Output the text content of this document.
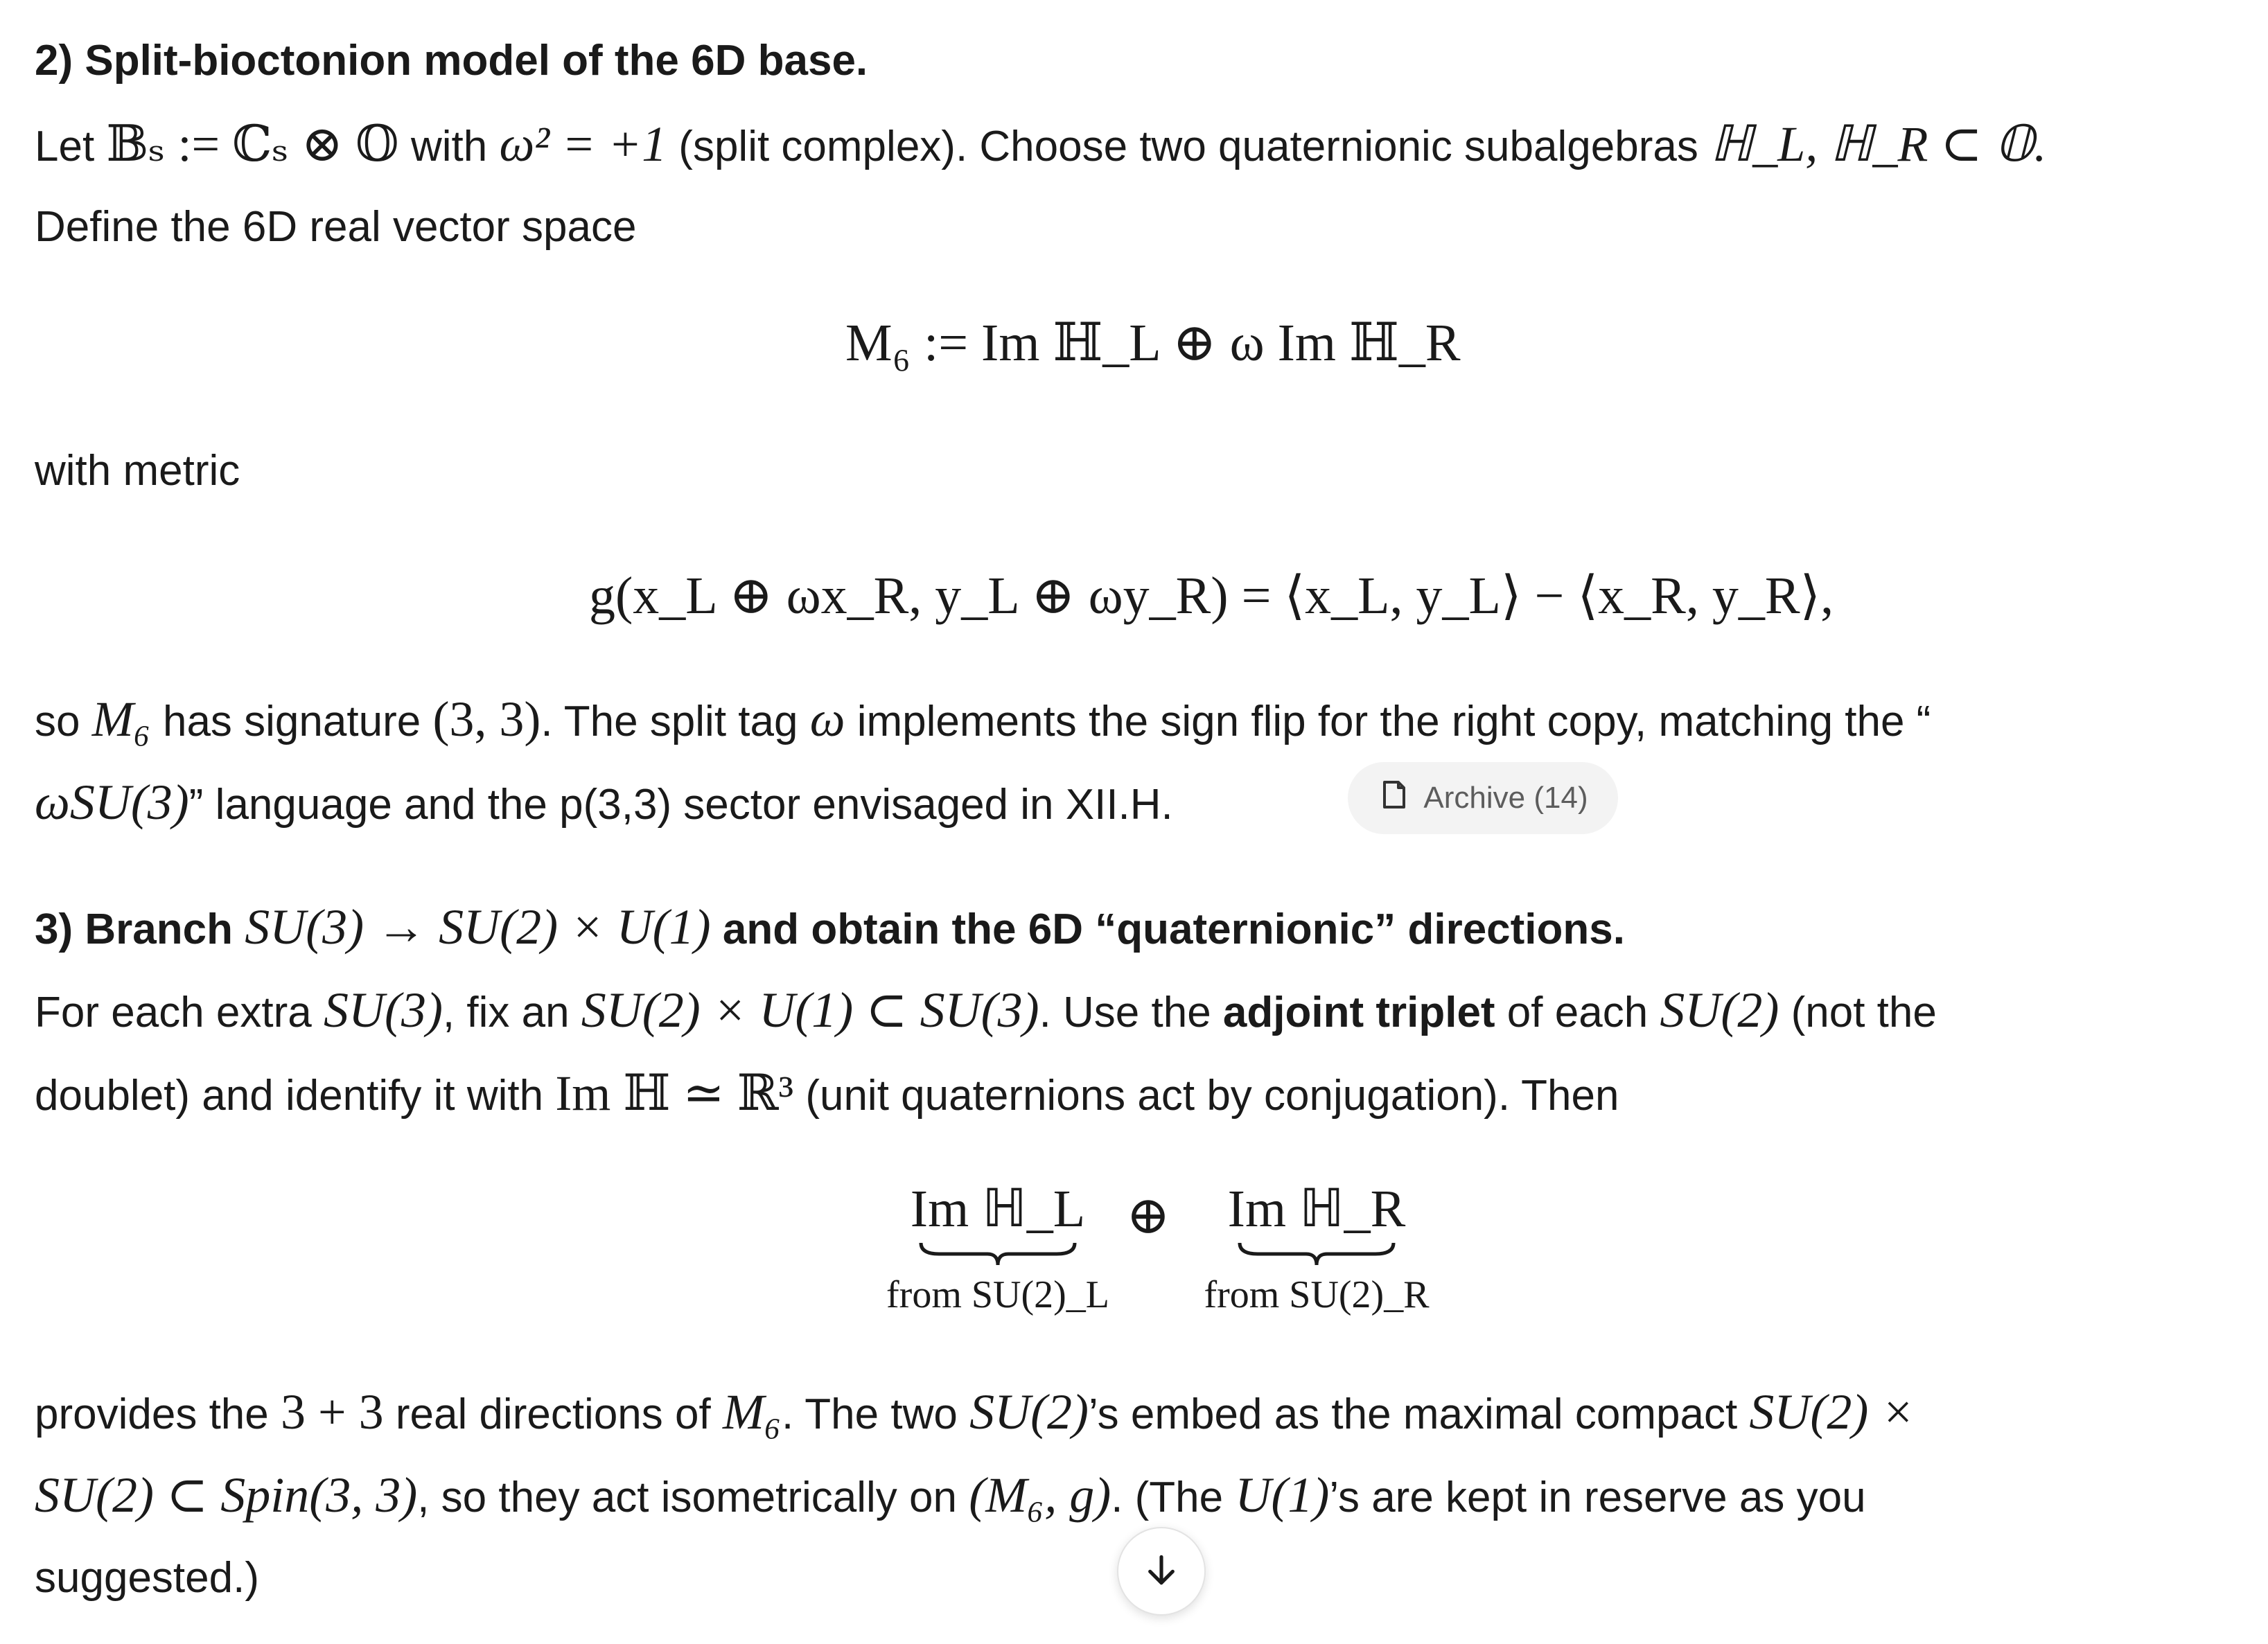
2) Split-bioctonion model of the 6D base.
Let 𝔹ₛ := ℂₛ ⊗ 𝕆 with ω² = +1 (split complex). Choose two quaternionic subalgebras ℍ_L, ℍ_R ⊂ 𝕆.
Define the 6D real vector space
M₆ := Im ℍ_L ⊕ ω Im ℍ_R
with metric
g(x_L ⊕ ωx_R, y_L ⊕ ωy_R) = ⟨x_L, y_L⟩ − ⟨x_R, y_R⟩,
so M₆ has signature (3, 3). The split tag ω implements the sign flip for the right copy, matching the “
ωSU(3)” language and the p(3,3) sector envisaged in XII.H.
3) Branch SU(3) → SU(2) × U(1) and obtain the 6D “quaternionic” directions.
For each extra SU(3), fix an SU(2) × U(1) ⊂ SU(3). Use the adjoint triplet of each SU(2) (not the
doublet) and identify it with Im ℍ ≃ ℝ³ (unit quaternions act by conjugation). Then
provides the 3 + 3 real directions of M₆. The two SU(2)’s embed as the maximal compact SU(2) ×
SU(2) ⊂ Spin(3, 3), so they act isometrically on (M₆, g). (The U(1)’s are kept in reserve as you
suggested.)
Archive (14)
Im ℍ_L
from SU(2)_L
⊕	Im ℍ_R
from SU(2)_R
